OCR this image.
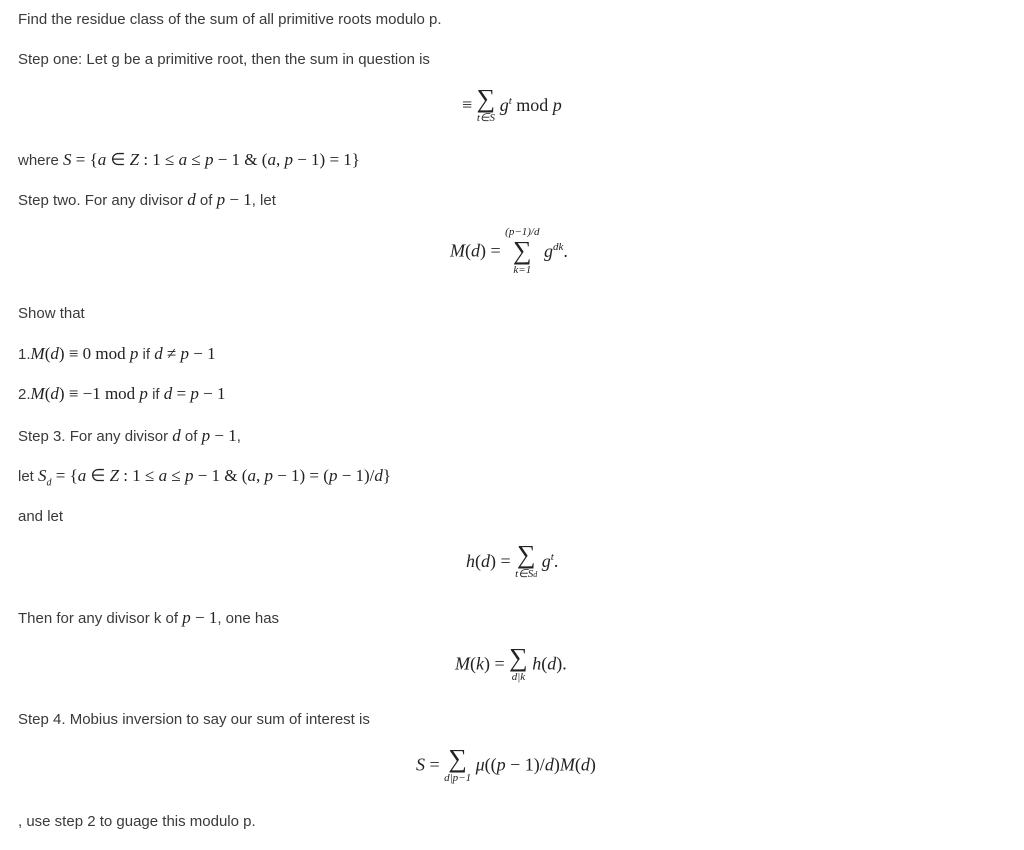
Find the residue class of the sum of all primitive roots modulo p.
Step one: Let g be a primitive root, then the sum in question is
≡ ∑
t∈S
$g^t$ mod p
where S = {a ∈ Z : 1 ≤ a ≤ p − 1 & (a, p − 1) = 1}
Step two. For any divisor d of p − 1, let
M(d) =
(p−1)/d
∑
k=1
$g^{dk}$.
Show that
1.M(d) ≡ 0 mod p if d ≠ p − 1
2.M(d) ≡ −1 mod p if d = p − 1
Step 3. For any divisor d of p − 1,
let $S_d = \{a$ ∈ Z : 1 ≤ a ≤ p − 1 & (a, p − 1) = (p − 1)/d}
and let
h(d) = ∑
t∈Sd
$g^t$.
Then for any divisor k of p − 1, one has
M(k) = ∑
d|k
h(d).
Step 4. Mobius inversion to say our sum of interest is
S = ∑
d|p−1
μ((p − 1)/d)M(d)
, use step 2 to guage this modulo p.
